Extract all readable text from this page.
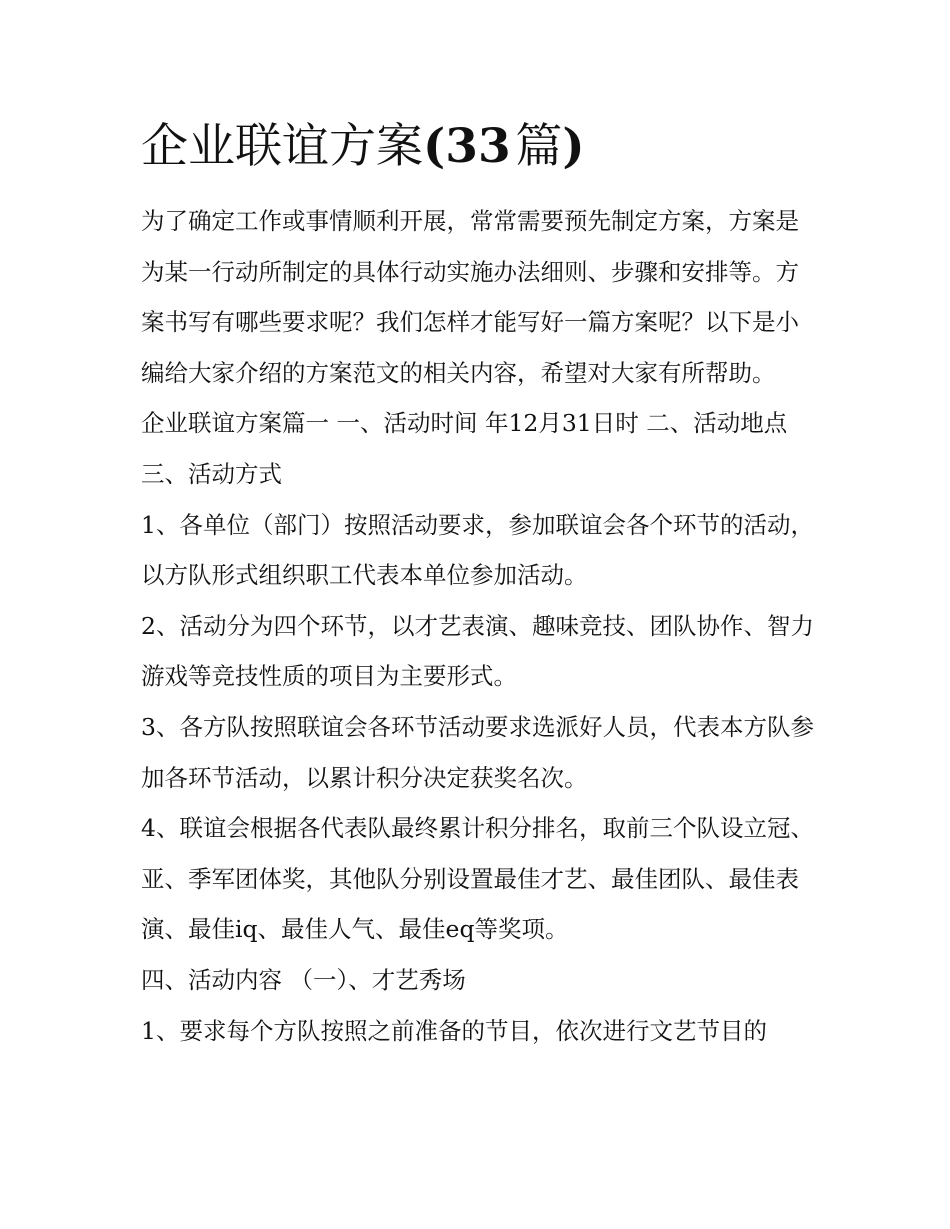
企业联谊方案(33 篇)

为了确定工作或事情顺利开展，常常需要预先制定方案，方案是为某一行动所制定的具体行动实施办法细则、步骤和安排等。方案书写有哪些要求呢？我们怎样才能写好一篇方案呢？以下是小编给大家介绍的方案范文的相关内容，希望对大家有所帮助。

企业联谊方案篇一 一、活动时间 年12月31日时 二、活动地点 三、活动方式

1、各单位（部门）按照活动要求，参加联谊会各个环节的活动，以方队形式组织职工代表本单位参加活动。

2、活动分为四个环节，以才艺表演、趣味竞技、团队协作、智力游戏等竞技性质的项目为主要形式。

3、各方队按照联谊会各环节活动要求选派好人员，代表本方队参加各环节活动，以累计积分决定获奖名次。

4、联谊会根据各代表队最终累计积分排名，取前三个队设立冠、亚、季军团体奖，其他队分别设置最佳才艺、最佳团队、最佳表演、最佳iq、最佳人气、最佳eq等奖项。

四、活动内容 （一）、才艺秀场

1、要求每个方队按照之前准备的节目，依次进行文艺节目的
